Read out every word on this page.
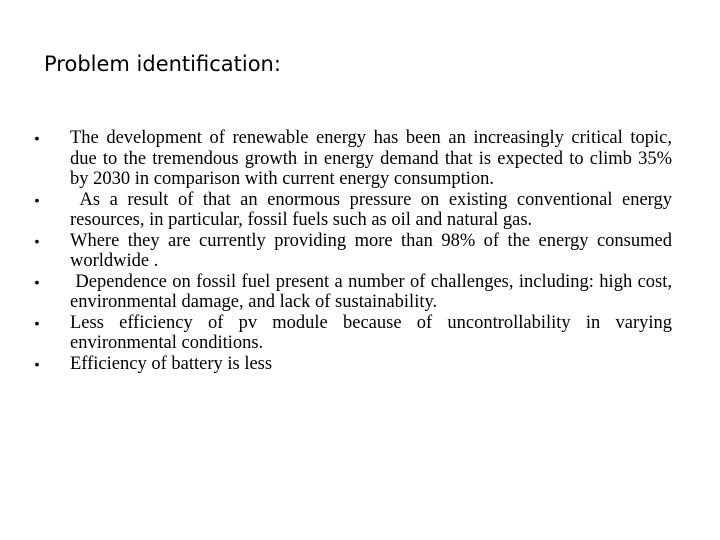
Problem identification:
• The development of renewable energy has been an increasingly critical topic, due to the tremendous growth in energy demand that is expected to climb 35% by 2030 in comparison with current energy consumption.
• As a result of that an enormous pressure on existing conventional energy resources, in particular, fossil fuels such as oil and natural gas.
• Where they are currently providing more than 98% of the energy consumed worldwide .
• Dependence on fossil fuel present a number of challenges, including: high cost, environmental damage, and lack of sustainability.
• Less efficiency of pv module because of uncontrollability in varying environmental conditions.
• Efficiency of battery is less
